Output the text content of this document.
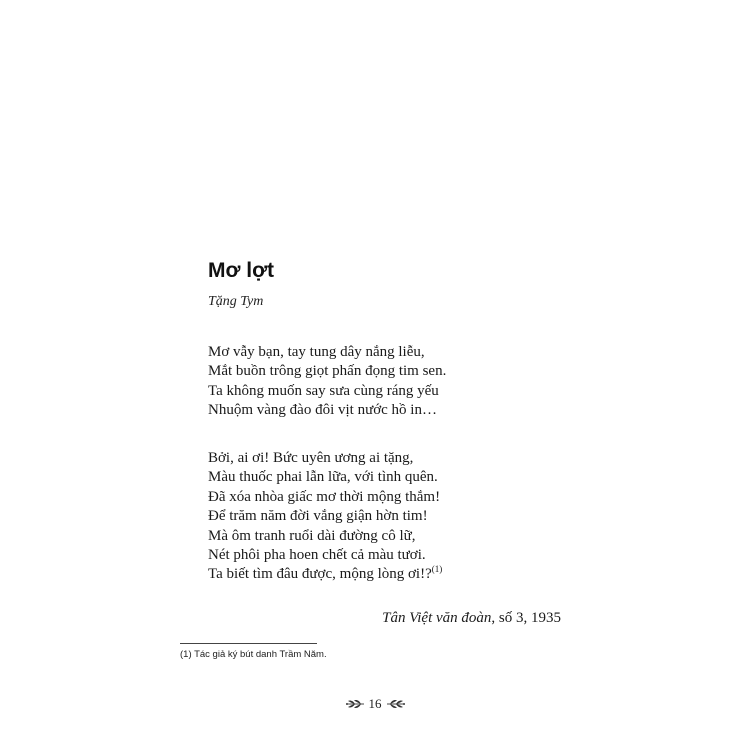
Mơ lợt
Tặng Tym
Mơ vẫy bạn, tay tung dây nắng liễu,
Mắt buồn trông giọt phấn đọng tim sen.
Ta không muốn say sưa cùng ráng yếu
Nhuộm vàng đào đôi vịt nước hồ in…
Bởi, ai ơi! Bức uyên ương ai tặng,
Màu thuốc phai lẫn lữa, với tình quên.
Đã xóa nhòa giấc mơ thời mộng thắm!
Để trăm năm đời vắng giận hờn tim!
Mà ôm tranh ruổi dài đường cô lữ,
Nét phôi pha hoen chết cả màu tươi.
Ta biết tìm đâu được, mộng lòng ơi!?$^{(1)}$
Tân Việt văn đoàn, số 3, 1935
(1) Tác giả ký bút danh Trầm Năm.
16
